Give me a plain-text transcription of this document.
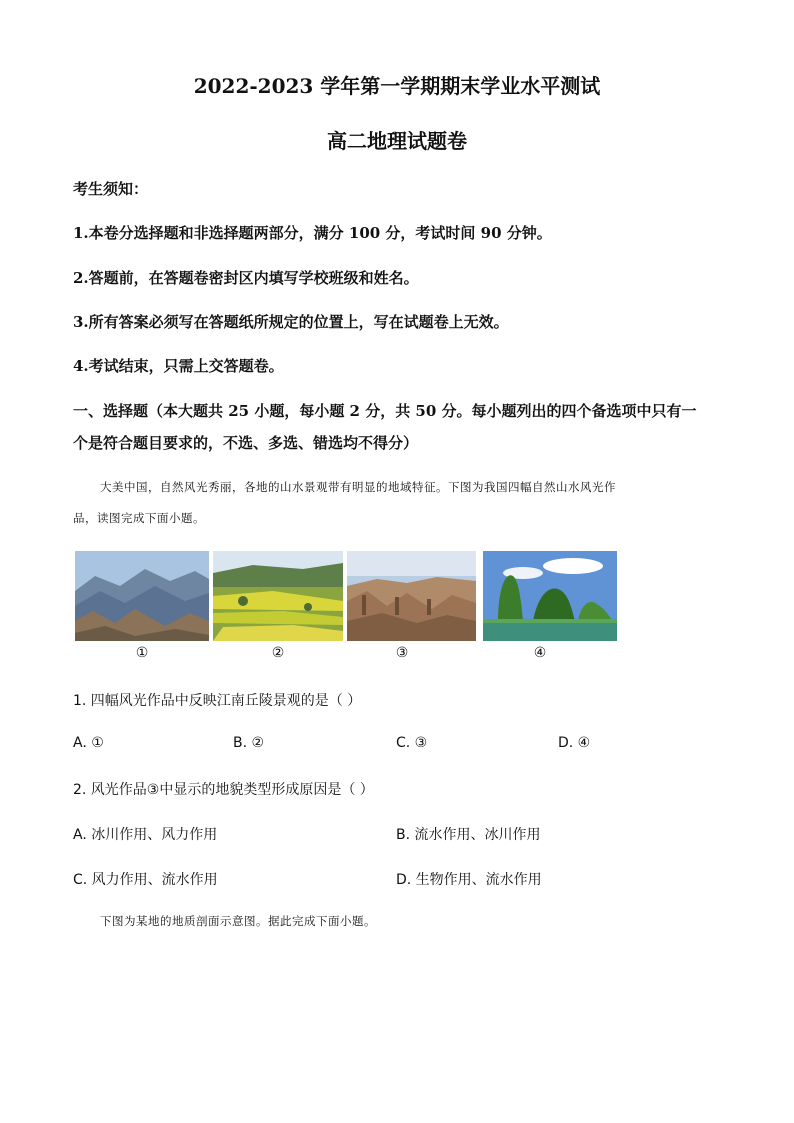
2022-2023 学年第一学期期末学业水平测试
高二地理试题卷
考生须知：
1.本卷分选择题和非选择题两部分，满分 100 分，考试时间 90 分钟。
2.答题前，在答题卷密封区内填写学校班级和姓名。
3.所有答案必须写在答题纸所规定的位置上，写在试题卷上无效。
4.考试结束，只需上交答题卷。
一、选择题（本大题共 25 小题，每小题 2 分，共 50 分。每小题列出的四个备选项中只有一
个是符合题目要求的，不选、多选、错选均不得分）
大美中国，自然风光秀丽，各地的山水景观带有明显的地域特征。下图为我国四幅自然山水风光作
品，读图完成下面小题。
①	②	③	④
1. 四幅风光作品中反映江南丘陵景观的是（ ）
A. ①	B. ②	C. ③	D. ④
2. 风光作品③中显示的地貌类型形成原因是（ ）
A. 冰川作用、风力作用	B. 流水作用、冰川作用
C. 风力作用、流水作用	D. 生物作用、流水作用
下图为某地的地质剖面示意图。据此完成下面小题。
